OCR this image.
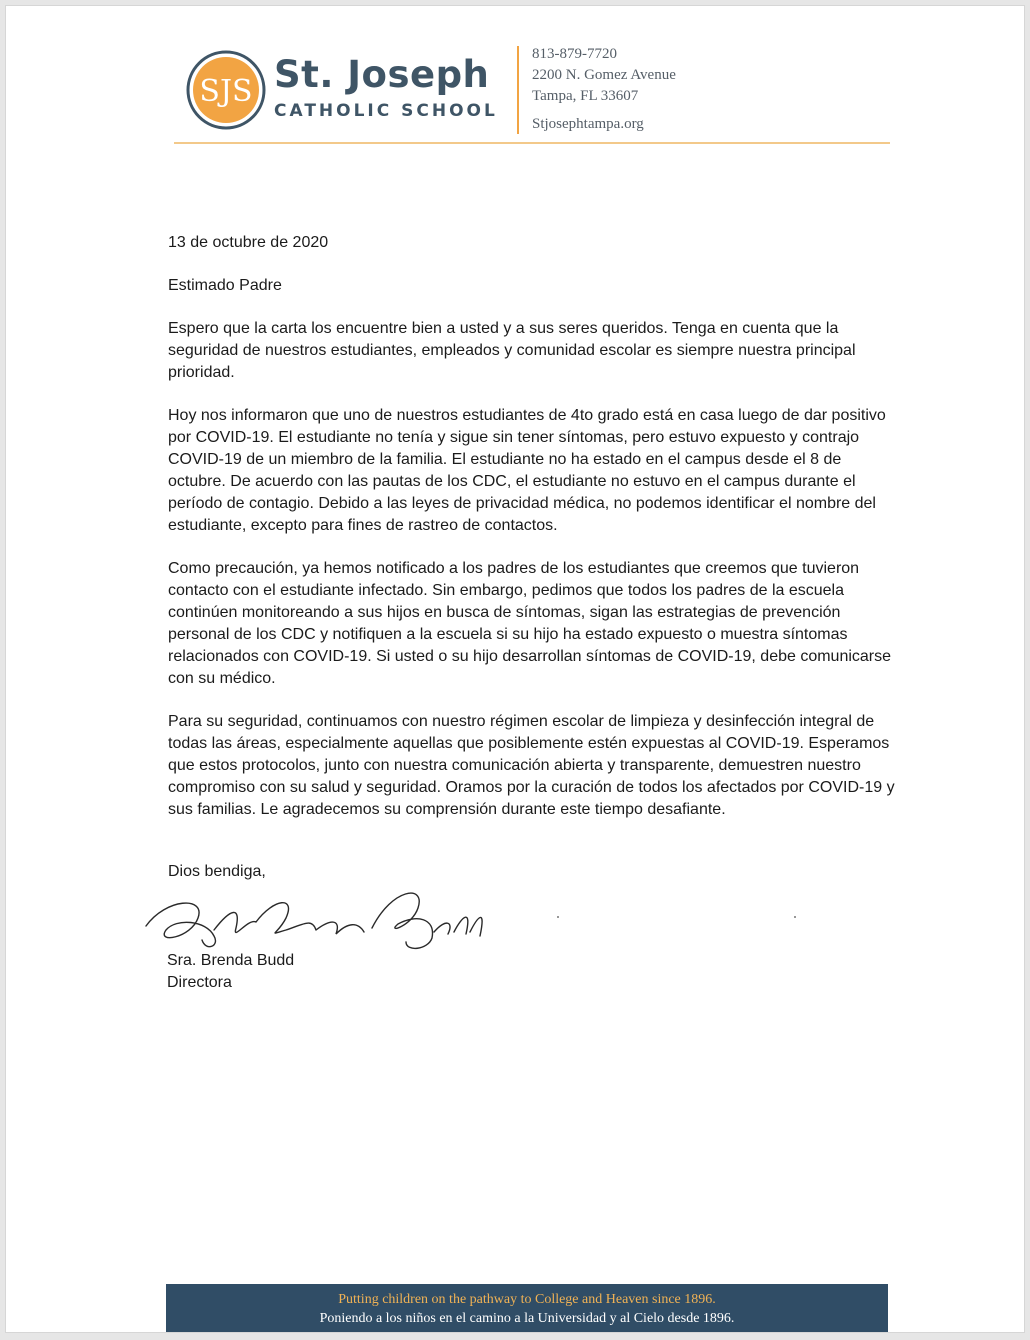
SJS St. Joseph
CATHOLIC SCHOOL
813-879-7720
2200 N. Gomez Avenue
Tampa, FL 33607
Stjosephtampa.org

13 de octubre de 2020

Estimado Padre

Espero que la carta los encuentre bien a usted y a sus seres queridos. Tenga en cuenta que la seguridad de nuestros estudiantes, empleados y comunidad escolar es siempre nuestra principal prioridad.

Hoy nos informaron que uno de nuestros estudiantes de 4to grado está en casa luego de dar positivo por COVID-19. El estudiante no tenía y sigue sin tener síntomas, pero estuvo expuesto y contrajo COVID-19 de un miembro de la familia. El estudiante no ha estado en el campus desde el 8 de octubre. De acuerdo con las pautas de los CDC, el estudiante no estuvo en el campus durante el período de contagio. Debido a las leyes de privacidad médica, no podemos identificar el nombre del estudiante, excepto para fines de rastreo de contactos.

Como precaución, ya hemos notificado a los padres de los estudiantes que creemos que tuvieron contacto con el estudiante infectado. Sin embargo, pedimos que todos los padres de la escuela continúen monitoreando a sus hijos en busca de síntomas, sigan las estrategias de prevención personal de los CDC y notifiquen a la escuela si su hijo ha estado expuesto o muestra síntomas relacionados con COVID-19. Si usted o su hijo desarrollan síntomas de COVID-19, debe comunicarse con su médico.

Para su seguridad, continuamos con nuestro régimen escolar de limpieza y desinfección integral de todas las áreas, especialmente aquellas que posiblemente estén expuestas al COVID-19. Esperamos que estos protocolos, junto con nuestra comunicación abierta y transparente, demuestren nuestro compromiso con su salud y seguridad. Oramos por la curación de todos los afectados por COVID-19 y sus familias. Le agradecemos su comprensión durante este tiempo desafiante.

Dios bendiga,
Sra. Brenda Budd
Directora
Putting children on the pathway to College and Heaven since 1896.
Poniendo a los niños en el camino a la Universidad y al Cielo desde 1896.
